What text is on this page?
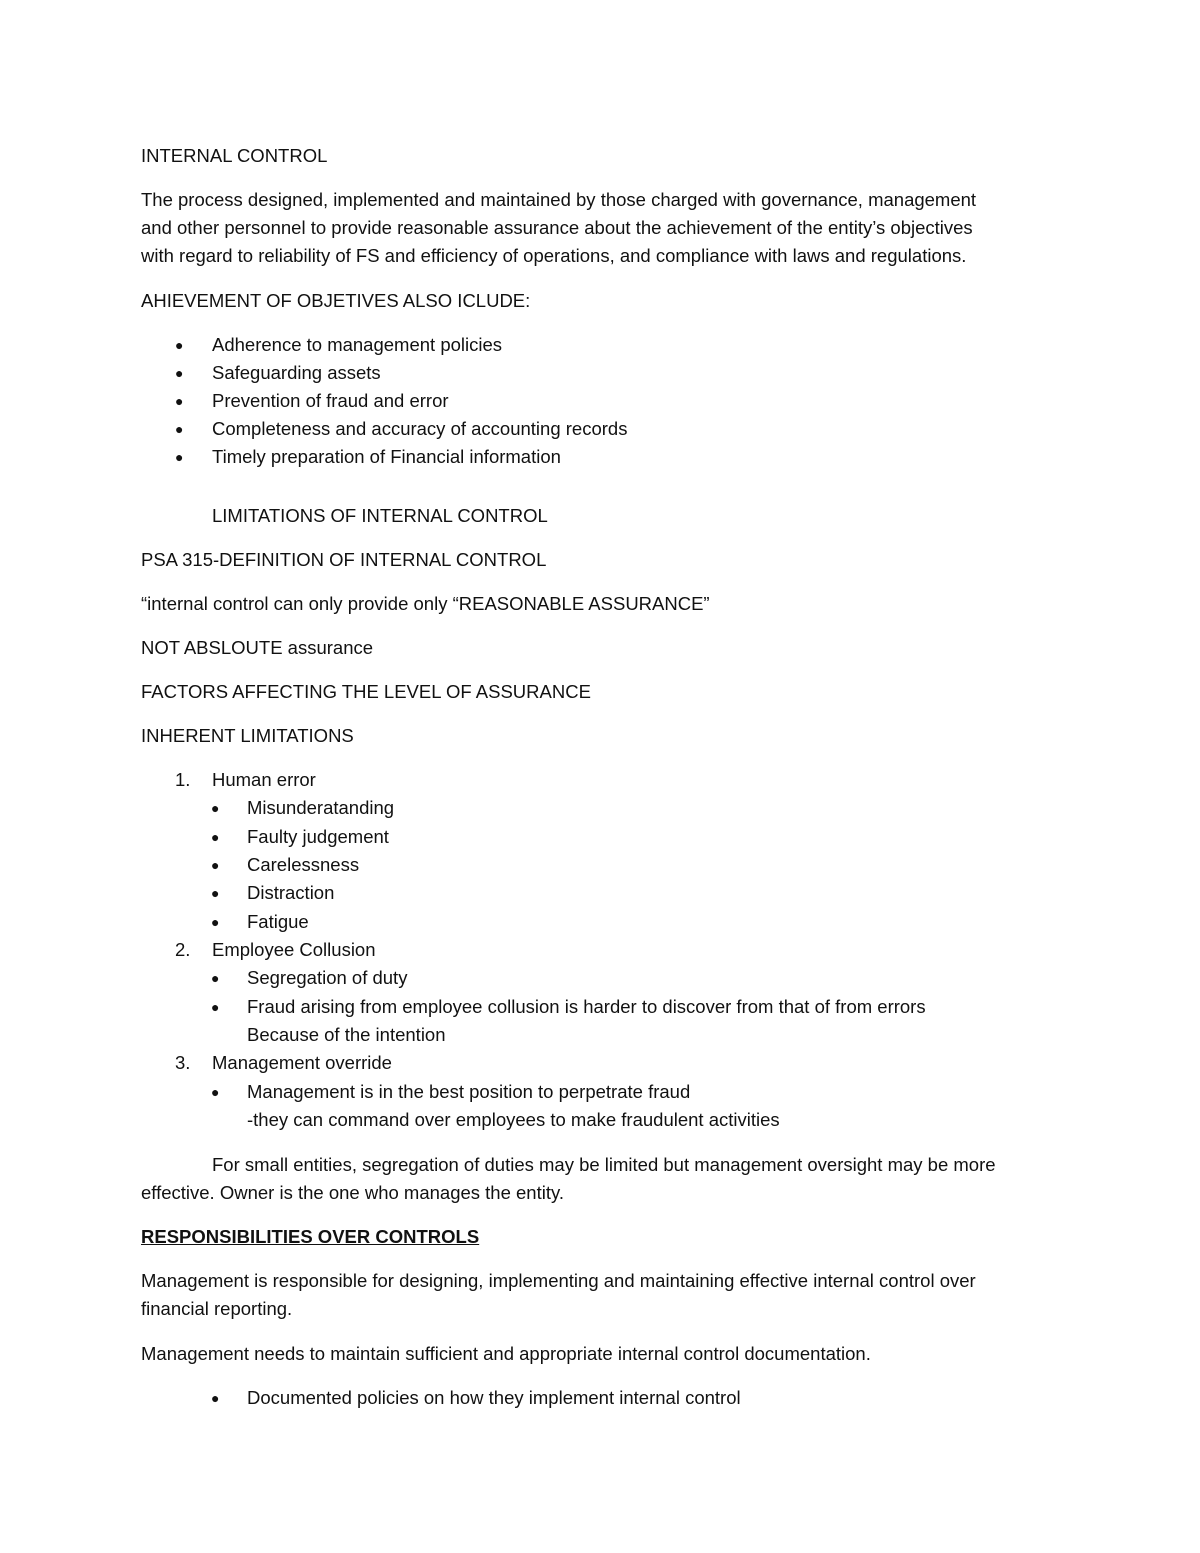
INTERNAL CONTROL
The process designed, implemented and maintained by those charged with governance, management
and other personnel to provide reasonable assurance about the achievement of the entity’s objectives
with regard to reliability of FS and efficiency of operations, and compliance with laws and regulations.
AHIEVEMENT OF OBJETIVES ALSO ICLUDE:
● Adherence to management policies
● Safeguarding assets
● Prevention of fraud and error
● Completeness and accuracy of accounting records
● Timely preparation of Financial information
LIMITATIONS OF INTERNAL CONTROL
PSA 315-DEFINITION OF INTERNAL CONTROL
“internal control can only provide only “REASONABLE ASSURANCE”
NOT ABSLOUTE assurance
FACTORS AFFECTING THE LEVEL OF ASSURANCE
INHERENT LIMITATIONS
1. Human error
● Misunderatanding
● Faulty judgement
● Carelessness
● Distraction
● Fatigue
2. Employee Collusion
● Segregation of duty
● Fraud arising from employee collusion is harder to discover from that of from errors
Because of the intention
3. Management override
● Management is in the best position to perpetrate fraud
-they can command over employees to make fraudulent activities
For small entities, segregation of duties may be limited but management oversight may be more
effective. Owner is the one who manages the entity.
RESPONSIBILITIES OVER CONTROLS
Management is responsible for designing, implementing and maintaining effective internal control over
financial reporting.
Management needs to maintain sufficient and appropriate internal control documentation.
● Documented policies on how they implement internal control
